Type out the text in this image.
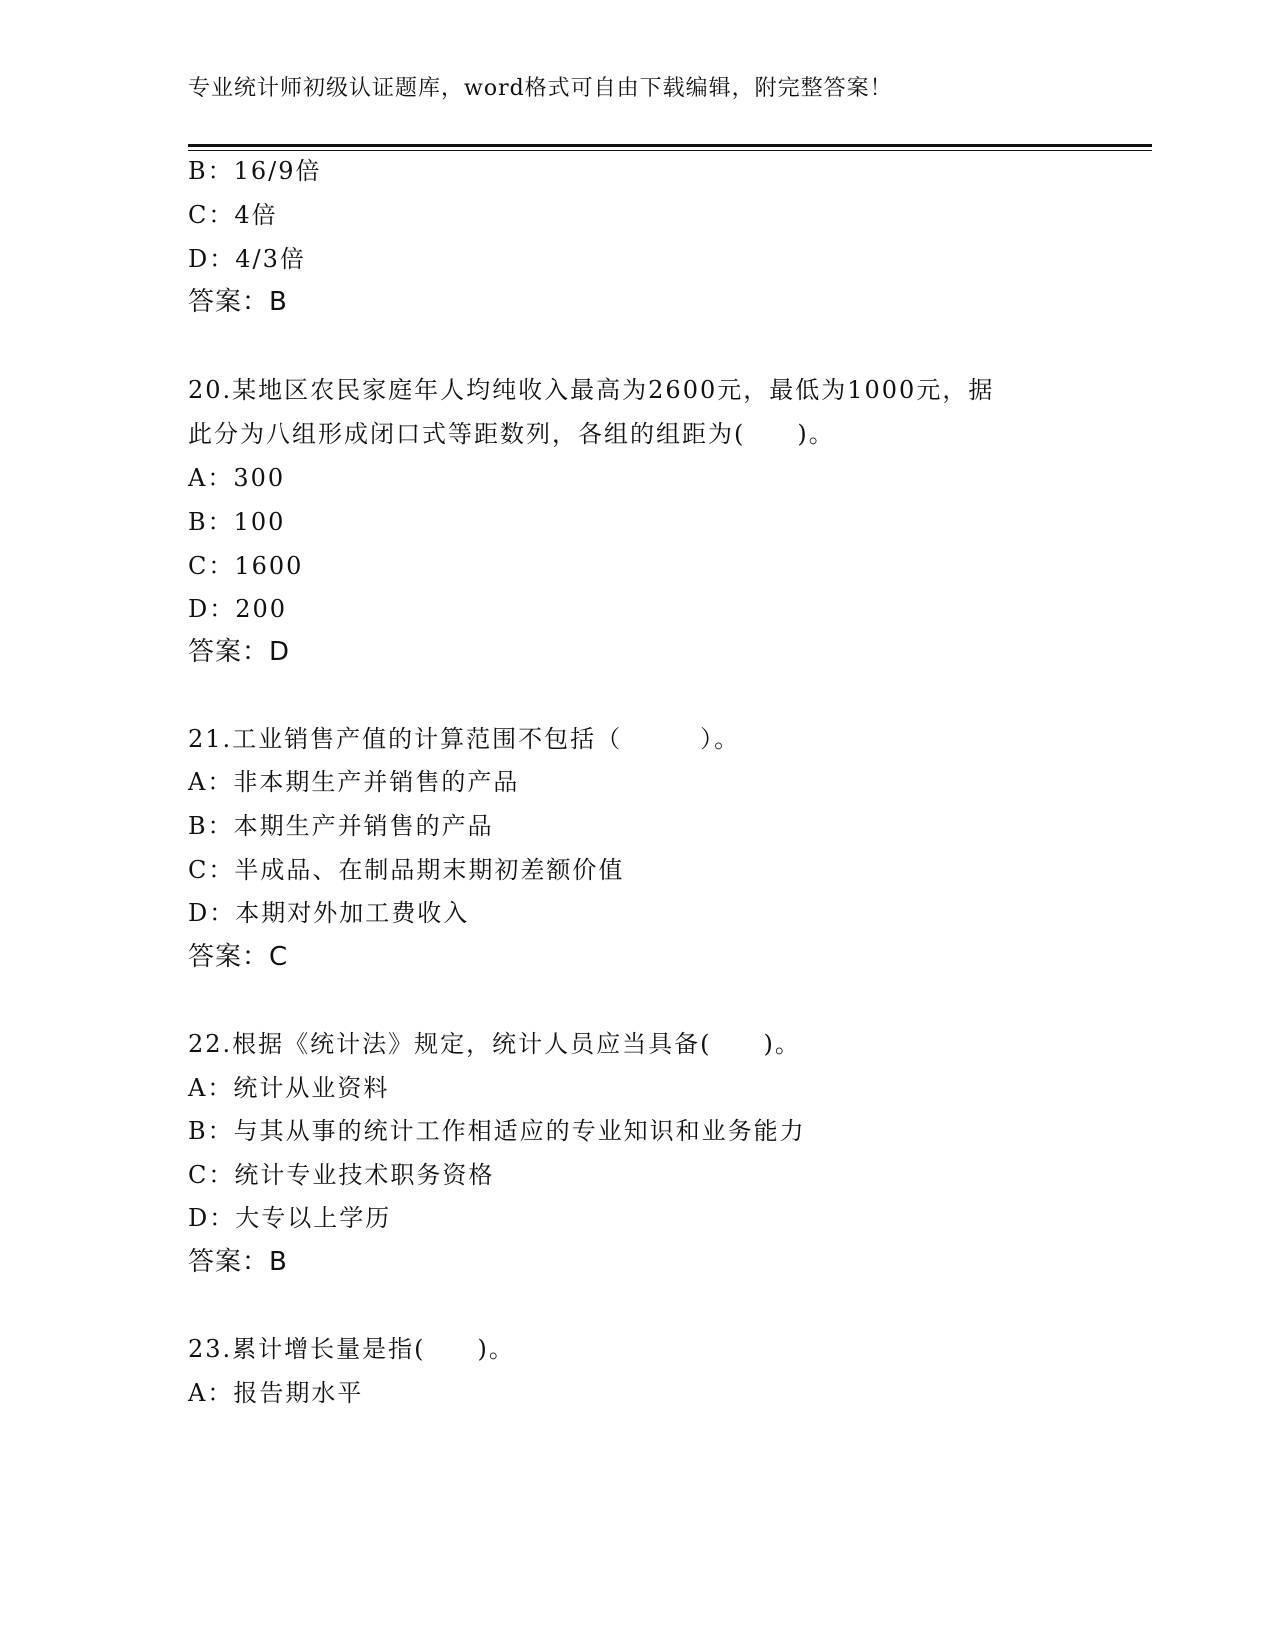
专业统计师初级认证题库，word格式可自由下载编辑，附完整答案！
B：16/9倍
C：4倍
D：4/3倍
答案：B
20.某地区农民家庭年人均纯收入最高为2600元，最低为1000元，据
此分为八组形成闭口式等距数列，各组的组距为(　　)。
A：300
B：100
C：1600
D：200
答案：D
21.工业销售产值的计算范围不包括（　　　）。
A：非本期生产并销售的产品
B：本期生产并销售的产品
C：半成品、在制品期末期初差额价值
D：本期对外加工费收入
答案：C
22.根据《统计法》规定，统计人员应当具备(　　)。
A：统计从业资料
B：与其从事的统计工作相适应的专业知识和业务能力
C：统计专业技术职务资格
D：大专以上学历
答案：B
23.累计增长量是指(　　)。
A：报告期水平
